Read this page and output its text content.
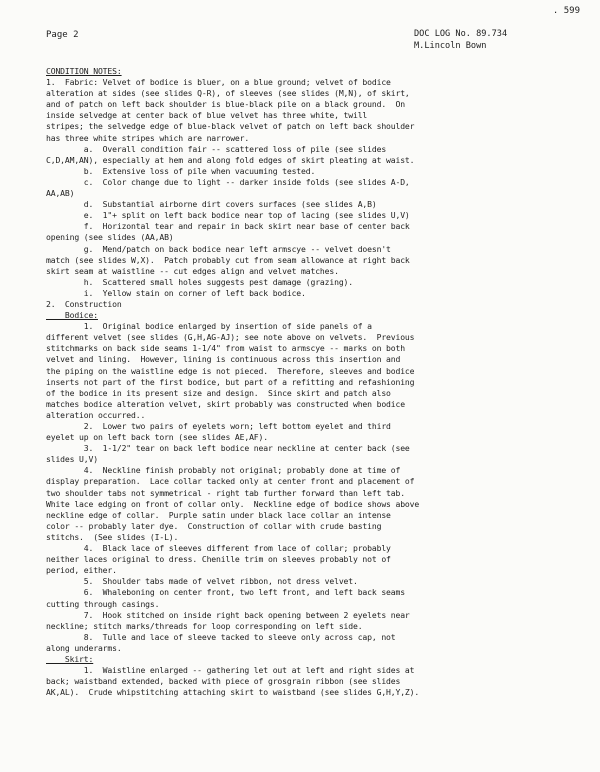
Page 2
. 599
DOC LOG No. 89.734
M.Lincoln Bown
CONDITION NOTES:
1.  Fabric: Velvet of bodice is bluer, on a blue ground; velvet of bodice
alteration at sides (see slides Q-R), of sleeves (see slides (M,N), of skirt,
and of patch on left back shoulder is blue-black pile on a black ground.  On
inside selvedge at center back of blue velvet has three white, twill
stripes; the selvedge edge of blue-black velvet of patch on left back shoulder
has three white stripes which are narrower.
a.  Overall condition fair -- scattered loss of pile (see slides
C,D,AM,AN), especially at hem and along fold edges of skirt pleating at waist.
b.  Extensive loss of pile when vacuuming tested.
c.  Color change due to light -- darker inside folds (see slides A-D,
AA,AB)
d.  Substantial airborne dirt covers surfaces (see slides A,B)
e.  1"+ split on left back bodice near top of lacing (see slides U,V)
f.  Horizontal tear and repair in back skirt near base of center back
opening (see slides (AA,AB)
g.  Mend/patch on back bodice near left armscye -- velvet doesn't
match (see slides W,X).  Patch probably cut from seam allowance at right back
skirt seam at waistline -- cut edges align and velvet matches.
h.  Scattered small holes suggests pest damage (grazing).
i.  Yellow stain on corner of left back bodice.
2.  Construction
Bodice:
1.  Original bodice enlarged by insertion of side panels of a
different velvet (see slides (G,H,AG-AJ); see note above on velvets.  Previous
stitchmarks on back side seams 1-1/4" from waist to armscye -- marks on both
velvet and lining.  However, lining is continuous across this insertion and
the piping on the waistline edge is not pieced.  Therefore, sleeves and bodice
inserts not part of the first bodice, but part of a refitting and refashioning
of the bodice in its present size and design.  Since skirt and patch also
matches bodice alteration velvet, skirt probably was constructed when bodice
alteration occurred..
2.  Lower two pairs of eyelets worn; left bottom eyelet and third
eyelet up on left back torn (see slides AE,AF).
3.  1-1/2" tear on back left bodice near neckline at center back (see
slides U,V)
4.  Neckline finish probably not original; probably done at time of
display preparation.  Lace collar tacked only at center front and placement of
two shoulder tabs not symmetrical - right tab further forward than left tab.
White lace edging on front of collar only.  Neckline edge of bodice shows above
neckline edge of collar.  Purple satin under black lace collar an intense
color -- probably later dye.  Construction of collar with crude basting
stitchs.  (See slides (I-L).
4.  Black lace of sleeves different from lace of collar; probably
neither laces original to dress. Chenille trim on sleeves probably not of
period, either.
5.  Shoulder tabs made of velvet ribbon, not dress velvet.
6.  Whaleboning on center front, two left front, and left back seams
cutting through casings.
7.  Hook stitched on inside right back opening between 2 eyelets near
neckline; stitch marks/threads for loop corresponding on left side.
8.  Tulle and lace of sleeve tacked to sleeve only across cap, not
along underarms.
Skirt:
1.  Waistline enlarged -- gathering let out at left and right sides at
back; waistband extended, backed with piece of grosgrain ribbon (see slides
AK,AL).  Crude whipstitching attaching skirt to waistband (see slides G,H,Y,Z).
